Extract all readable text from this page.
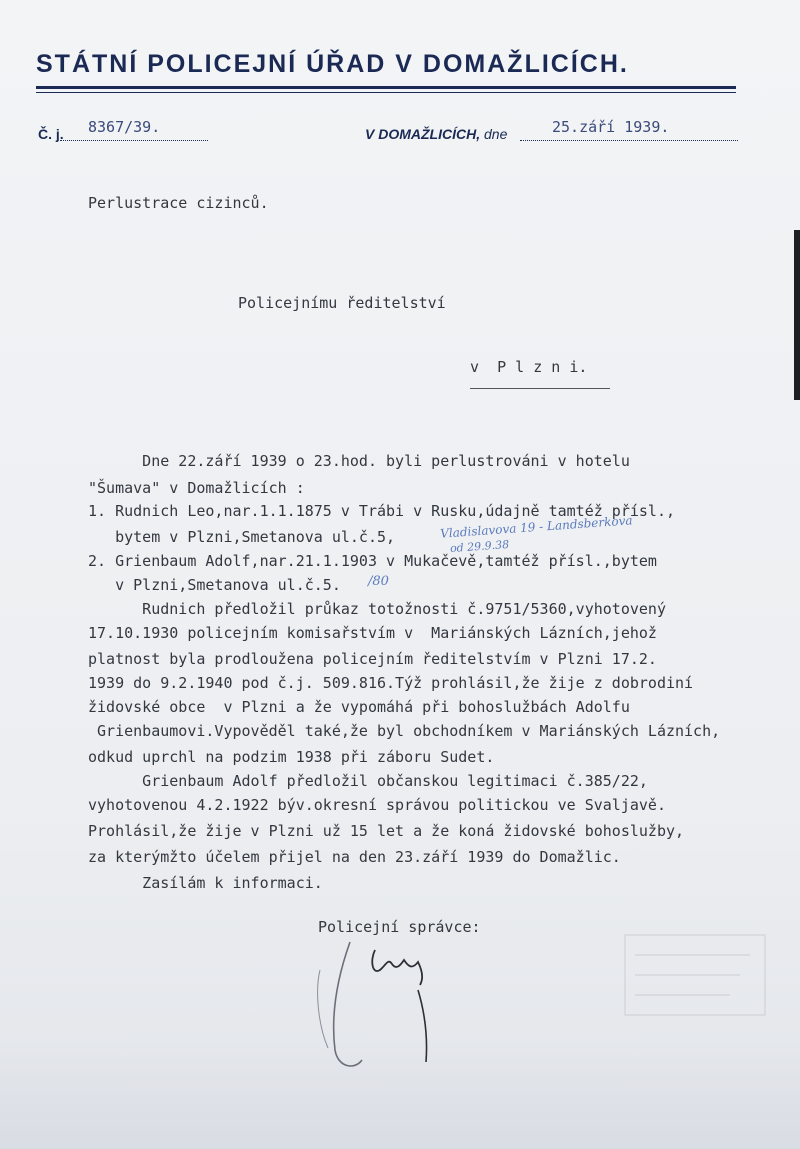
STÁTNÍ POLICEJNÍ ÚŘAD V DOMAŽLICÍCH.
Č. j. 8367/39.	V DOMAŽLICÍCH, dne	25.září 1939.
Perlustrace cizinců.
Policejnímu ředitelství
v  P l z n i.
Dne 22.září 1939 o 23.hod. byli perlustrováni v hotelu
"Šumava" v Domažlicích :
1. Rudnich Leo,nar.1.1.1875 v Trábi v Rusku,údajně tamtéž přísl.,
bytem v Plzni,Smetanova ul.č.5,
2. Grienbaum Adolf,nar.21.1.1903 v Mukačevě,tamtéž přísl.,bytem
v Plzni,Smetanova ul.č.5.
Rudnich předložil průkaz totožnosti č.9751/5360,vyhotovený
17.10.1930 policejním komisařstvím v  Mariánských Lázních,jehož
platnost byla prodloužena policejním ředitelstvím v Plzni 17.2.
1939 do 9.2.1940 pod č.j. 509.816.Týž prohlásil,že žije z dobrodiní
židovské obce  v Plzni a že vypomáhá při bohoslužbách Adolfu
Grienbaumovi.Vypověděl také,že byl obchodníkem v Mariánských Lázních,
odkud uprchl na podzim 1938 při záboru Sudet.
Grienbaum Adolf předložil občanskou legitimaci č.385/22,
vyhotovenou 4.2.1922 býv.okresní správou politickou ve Svaljavě.
Prohlásil,že žije v Plzni už 15 let a že koná židovské bohoslužby,
za kterýmžto účelem přijel na den 23.září 1939 do Domažlic.
Zasílám k informaci.
Vladislavova 19 - Landsberkova
od 29.9.38
/80
Policejní správce:
